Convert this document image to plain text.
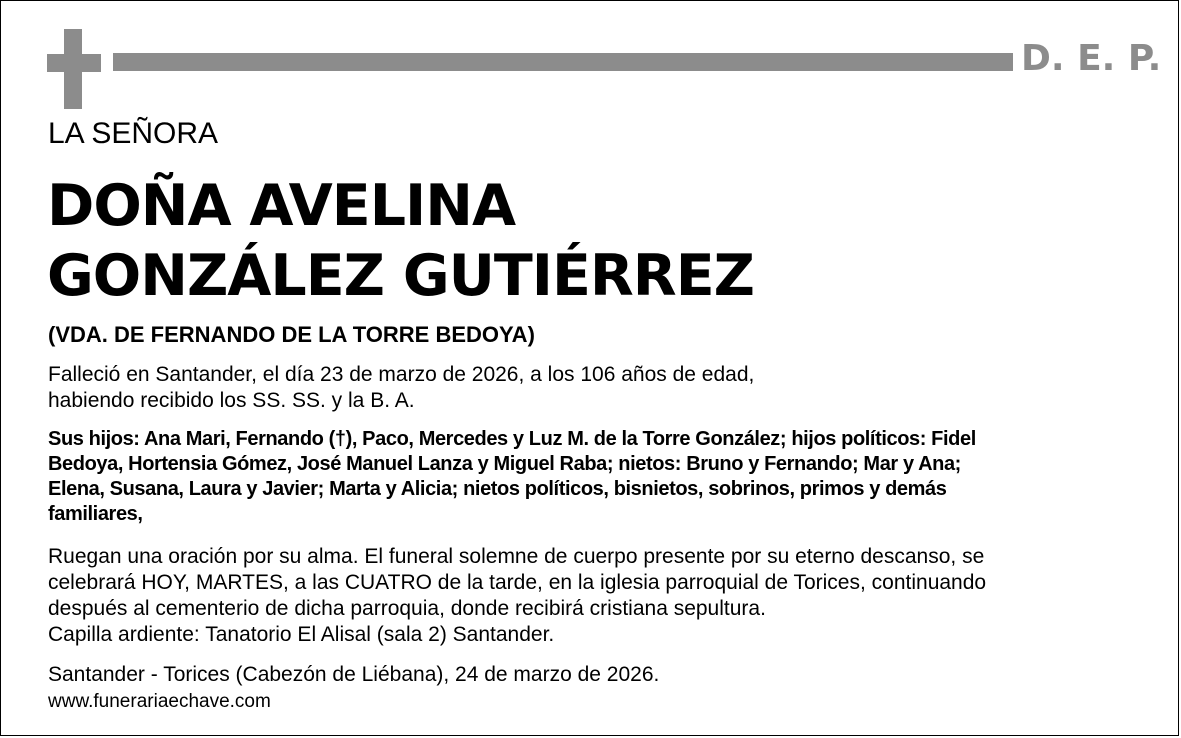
D. E. P.
LA SEÑORA
DOÑA AVELINA
GONZÁLEZ GUTIÉRREZ
(VDA. DE FERNANDO DE LA TORRE BEDOYA)
Falleció en Santander, el día 23 de marzo de 2026, a los 106 años de edad,
habiendo recibido los SS. SS. y la B. A.
Sus hijos: Ana Mari, Fernando (†), Paco, Mercedes y Luz M. de la Torre González; hijos políticos: Fidel
Bedoya, Hortensia Gómez, José Manuel Lanza y Miguel Raba; nietos: Bruno y Fernando; Mar y Ana;
Elena, Susana, Laura y Javier; Marta y Alicia; nietos políticos, bisnietos, sobrinos, primos y demás
familiares,
Ruegan una oración por su alma. El funeral solemne de cuerpo presente por su eterno descanso, se
celebrará HOY, MARTES, a las CUATRO de la tarde, en la iglesia parroquial de Torices, continuando
después al cementerio de dicha parroquia, donde recibirá cristiana sepultura.
Capilla ardiente: Tanatorio El Alisal (sala 2) Santander.
Santander - Torices (Cabezón de Liébana), 24 de marzo de 2026.
www.funerariaechave.com
